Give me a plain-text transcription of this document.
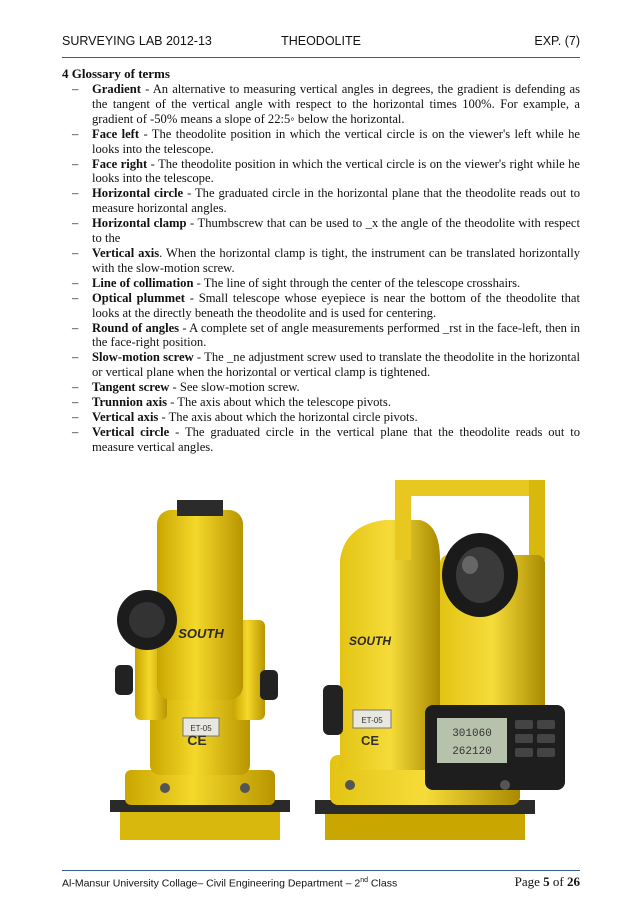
SURVEYING LAB 2012-13	THEODOLITE	EXP. (7)
4 Glossary of terms
– Gradient - An alternative to measuring vertical angles in degrees, the gradient is defending as the tangent of the vertical angle with respect to the horizontal times 100%. For example, a gradient of -50% means a slope of 22:5◦ below the horizontal.
– Face left - The theodolite position in which the vertical circle is on the viewer's left while he looks into the telescope.
– Face right - The theodolite position in which the vertical circle is on the viewer's right while he looks into the telescope.
– Horizontal circle - The graduated circle in the horizontal plane that the theodolite reads out to measure horizontal angles.
– Horizontal clamp - Thumbscrew that can be used to _x the angle of the theodolite with respect to the
– Vertical axis. When the horizontal clamp is tight, the instrument can be translated horizontally with the slow-motion screw.
– Line of collimation - The line of sight through the center of the telescope crosshairs.
– Optical plummet - Small telescope whose eyepiece is near the bottom of the theodolite that looks at the directly beneath the theodolite and is used for centering.
– Round of angles - A complete set of angle measurements performed _rst in the face-left, then in the face-right position.
– Slow-motion screw - The _ne adjustment screw used to translate the theodolite in the horizontal or vertical plane when the horizontal or vertical clamp is tightened.
– Tangent screw - See slow-motion screw.
– Trunnion axis - The axis about which the telescope pivots.
– Vertical axis - The axis about which the horizontal circle pivots.
– Vertical circle - The graduated circle in the vertical plane that the theodolite reads out to measure vertical angles.
ET-05
CE
SOUTH
301060
262120
ET-05
CE
SOUTH
Al-Mansur University Collage– Civil Engineering Department – 2nd Class	Page 5 of 26
